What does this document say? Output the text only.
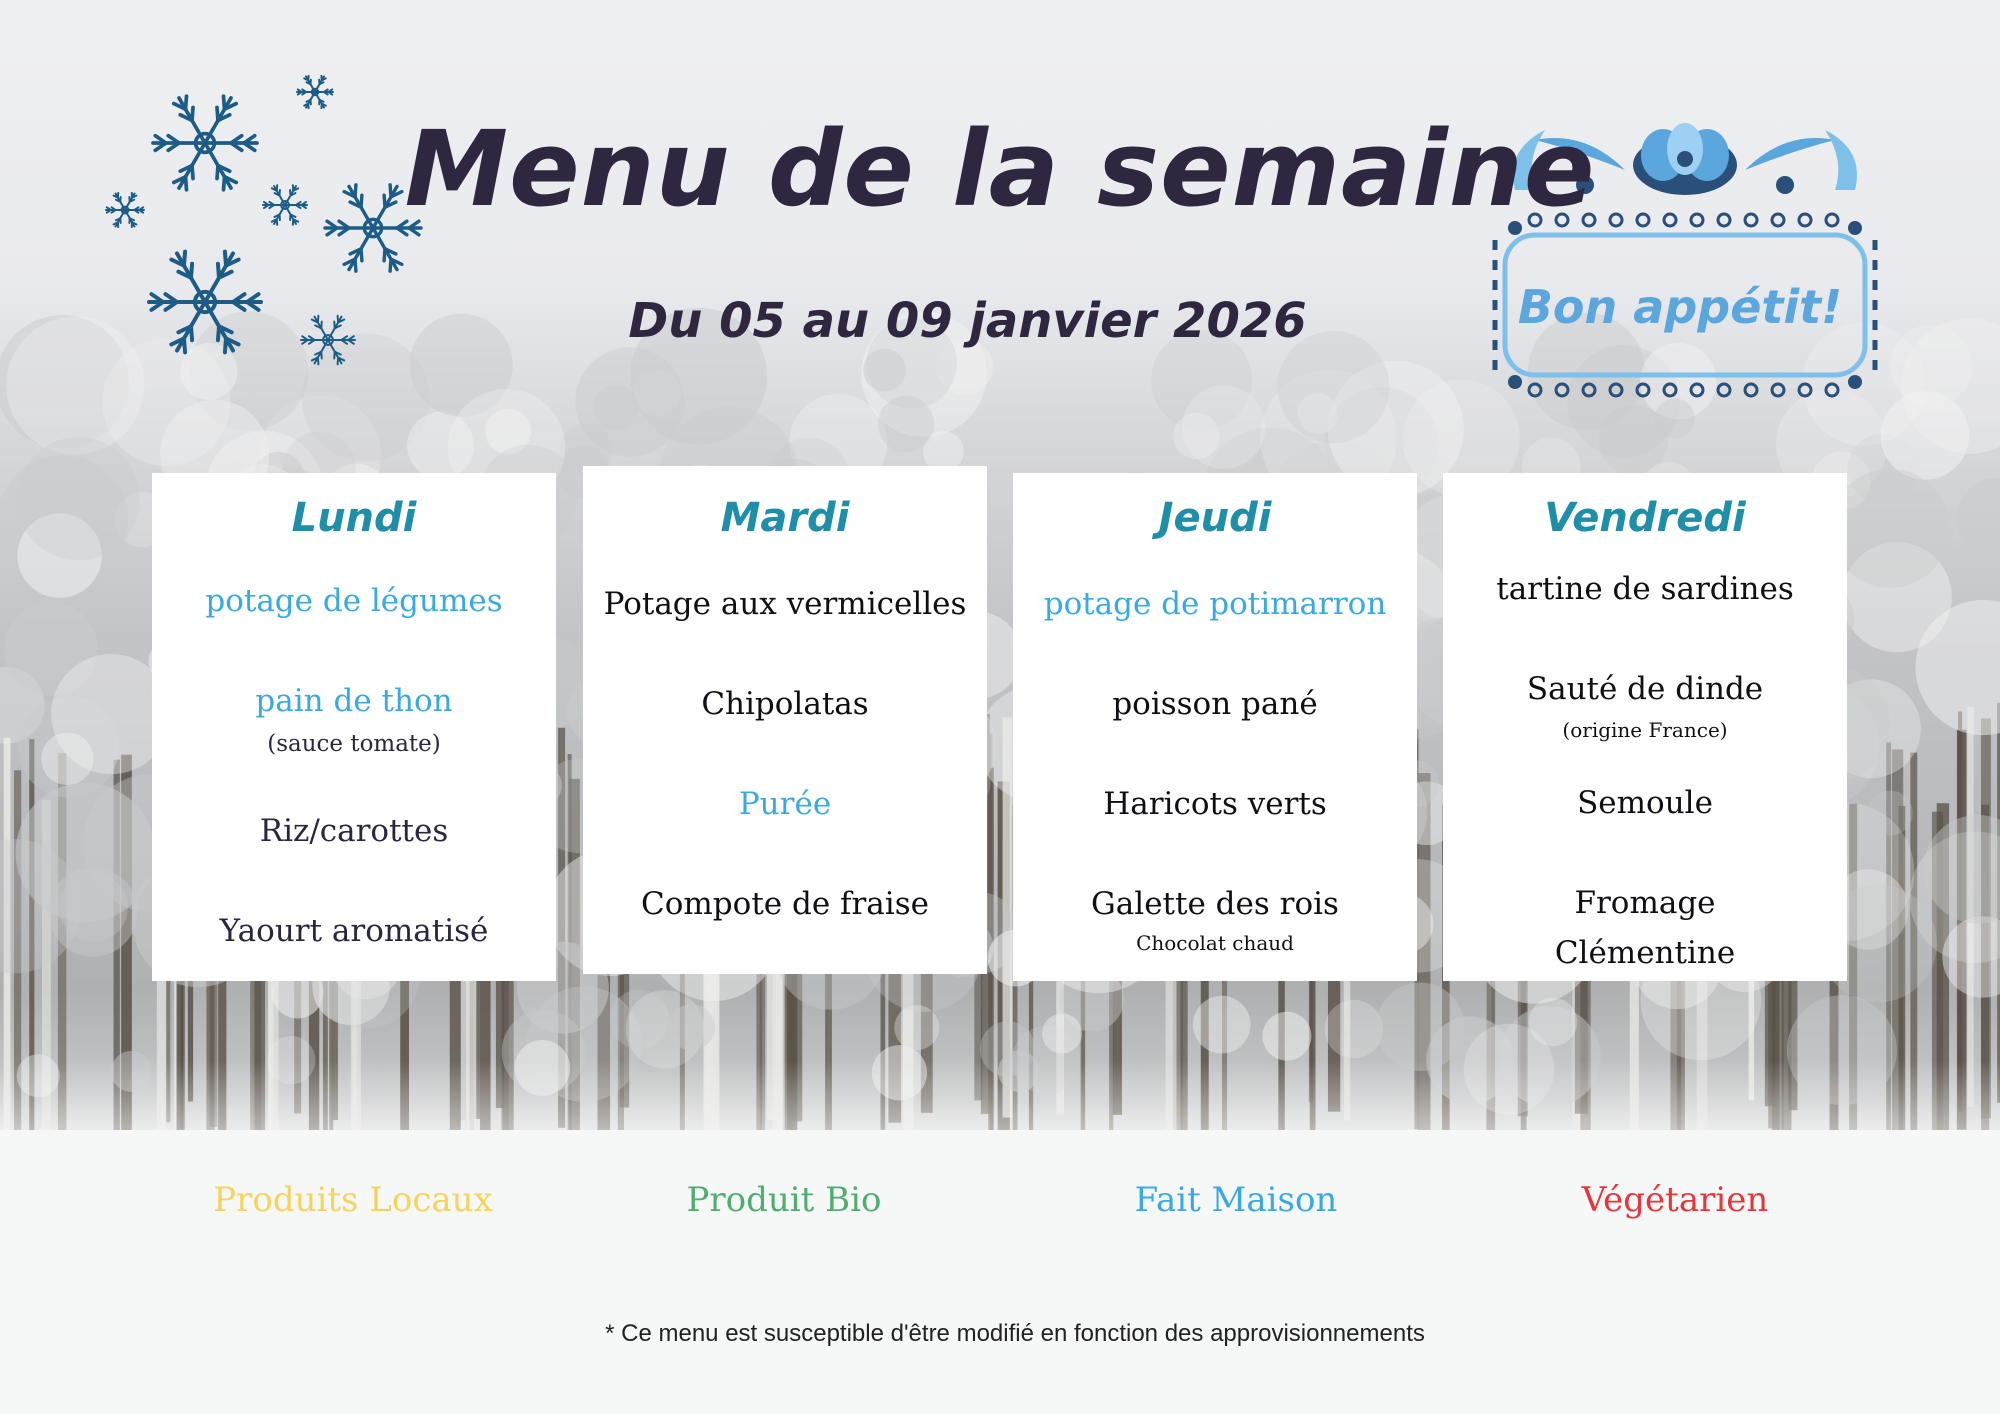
Menu de la semaine
Du 05 au 09 janvier 2026	Bon appétit!
Lundi
potage de légumes
pain de thon
(sauce tomate)
Riz/carottes
Yaourt aromatisé
Mardi
Potage aux vermicelles
Chipolatas
Purée
Compote de fraise
Jeudi
potage de potimarron
poisson pané
Haricots verts
Galette des rois
Chocolat chaud
Vendredi
tartine de sardines
Sauté de dinde
(origine France)
Semoule
Fromage
Clémentine
Produits Locaux	Produit Bio	Fait Maison	Végétarien
* Ce menu est susceptible d'être modifié en fonction des approvisionnements
